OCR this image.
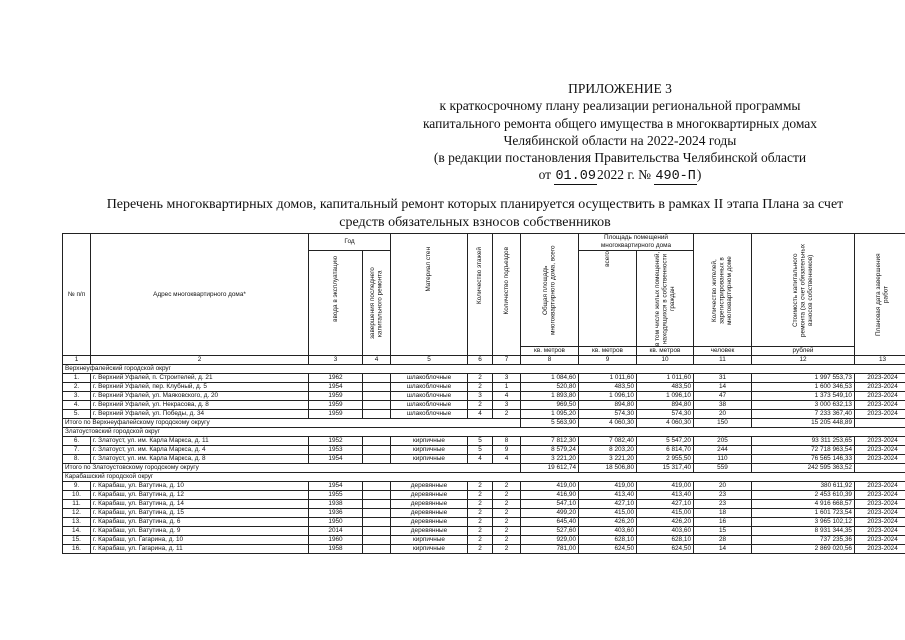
ПРИЛОЖЕНИЕ 3
к краткосрочному плану реализации региональной программы
капитального ремонта общего имущества в многоквартирных домах
Челябинской области на 2022-2024 годы
(в редакции постановления Правительства Челябинской области
от 01.092022 г. № 490-П)
Перечень многоквартирных домов, капитальный ремонт которых планируется осуществить в рамках II этапа Плана за счет
средств обязательных взносов собственников
№ п/п	Адрес многоквартирного дома*	Год		Материал стен	Количество этажей	Количество подъездов	Общая площадь многоквартирного дома, всего	Площадь помещений многоквартирного дома		Количество жителей, зарегистрированных в многоквартирном доме	Стоимость капитального ремонта (за счет обязательных взносов собственников)	Плановая дата завершения работ

		ввода в эксплуатацию	завершения последнего капитального ремонта					всего	в том числе жилых помещений, находящихся в собственности граждан			

							кв. метров	кв. метров	кв. метров	человек	рублей	
1	2	3	4	5	6	7	8	9	10	11	12	13
Верхнеуфалейский городской округ												
1.	г. Верхний Уфалей, п. Строителей, д. 21	1962		шлакоблочные	2	3	1 084,60	1 011,60	1 011,60	31	1 997 553,73	2023-2024
2.	г. Верхний Уфалей, пер. Клубный, д. 5	1954		шлакоблочные	2	1	520,80	483,50	483,50	14	1 600 346,53	2023-2024
3.	г. Верхний Уфалей, ул. Маяковского, д. 20	1959		шлакоблочные	3	4	1 893,80	1 096,10	1 096,10	47	1 373 549,10	2023-2024
4.	г. Верхний Уфалей, ул. Некрасова, д. 8	1959		шлакоблочные	2	3	969,50	894,80	894,80	38	3 000 632,13	2023-2024
5.	г. Верхний Уфалей, ул. Победы, д. 34	1959		шлакоблочные	4	2	1 095,20	574,30	574,30	20	7 233 367,40	2023-2024
Итого по Верхнеуфалейскому городскому округу							5 563,90	4 060,30	4 060,30	150	15 205 448,89	
Златоустовский городской округ												
6.	г. Златоуст, ул. им. Карла Маркса, д. 11	1952		кирпичные	5	8	7 812,30	7 082,40	5 547,20	205	93 311 253,65	2023-2024
7.	г. Златоуст, ул. им. Карла Маркса, д. 4	1953		кирпичные	5	9	8 579,24	8 203,20	6 814,70	244	72 718 963,54	2023-2024
8.	г. Златоуст, ул. им. Карла Маркса, д. 8	1954		кирпичные	4	4	3 221,20	3 221,20	2 955,50	110	76 565 146,33	2023-2024
Итого по Златоустовскому городскому округу							19 612,74	18 506,80	15 317,40	559	242 595 363,52	
Карабашский городской округ												
9.	г. Карабаш, ул. Ватутина, д. 10	1954		деревянные	2	2	419,00	419,00	419,00	20	380 611,92	2023-2024
10.	г. Карабаш, ул. Ватутина, д. 12	1955		деревянные	2	2	416,90	413,40	413,40	23	2 453 610,39	2023-2024
11.	г. Карабаш, ул. Ватутина, д. 14	1938		деревянные	2	2	547,10	427,10	427,10	23	4 916 668,57	2023-2024
12.	г. Карабаш, ул. Ватутина, д. 15	1936		деревянные	2	2	499,20	415,00	415,00	18	1 601 723,54	2023-2024
13.	г. Карабаш, ул. Ватутина, д. 6	1950		деревянные	2	2	645,40	426,20	426,20	16	3 965 102,12	2023-2024
14.	г. Карабаш, ул. Ватутина, д. 9	2014		деревянные	2	2	527,60	403,60	403,60	15	8 931 344,35	2023-2024
15.	г. Карабаш, ул. Гагарина, д. 10	1960		кирпичные	2	2	929,00	628,10	628,10	28	737 235,36	2023-2024
16.	г. Карабаш, ул. Гагарина, д. 11	1958		кирпичные	2	2	781,00	624,50	624,50	14	2 869 020,56	2023-2024
